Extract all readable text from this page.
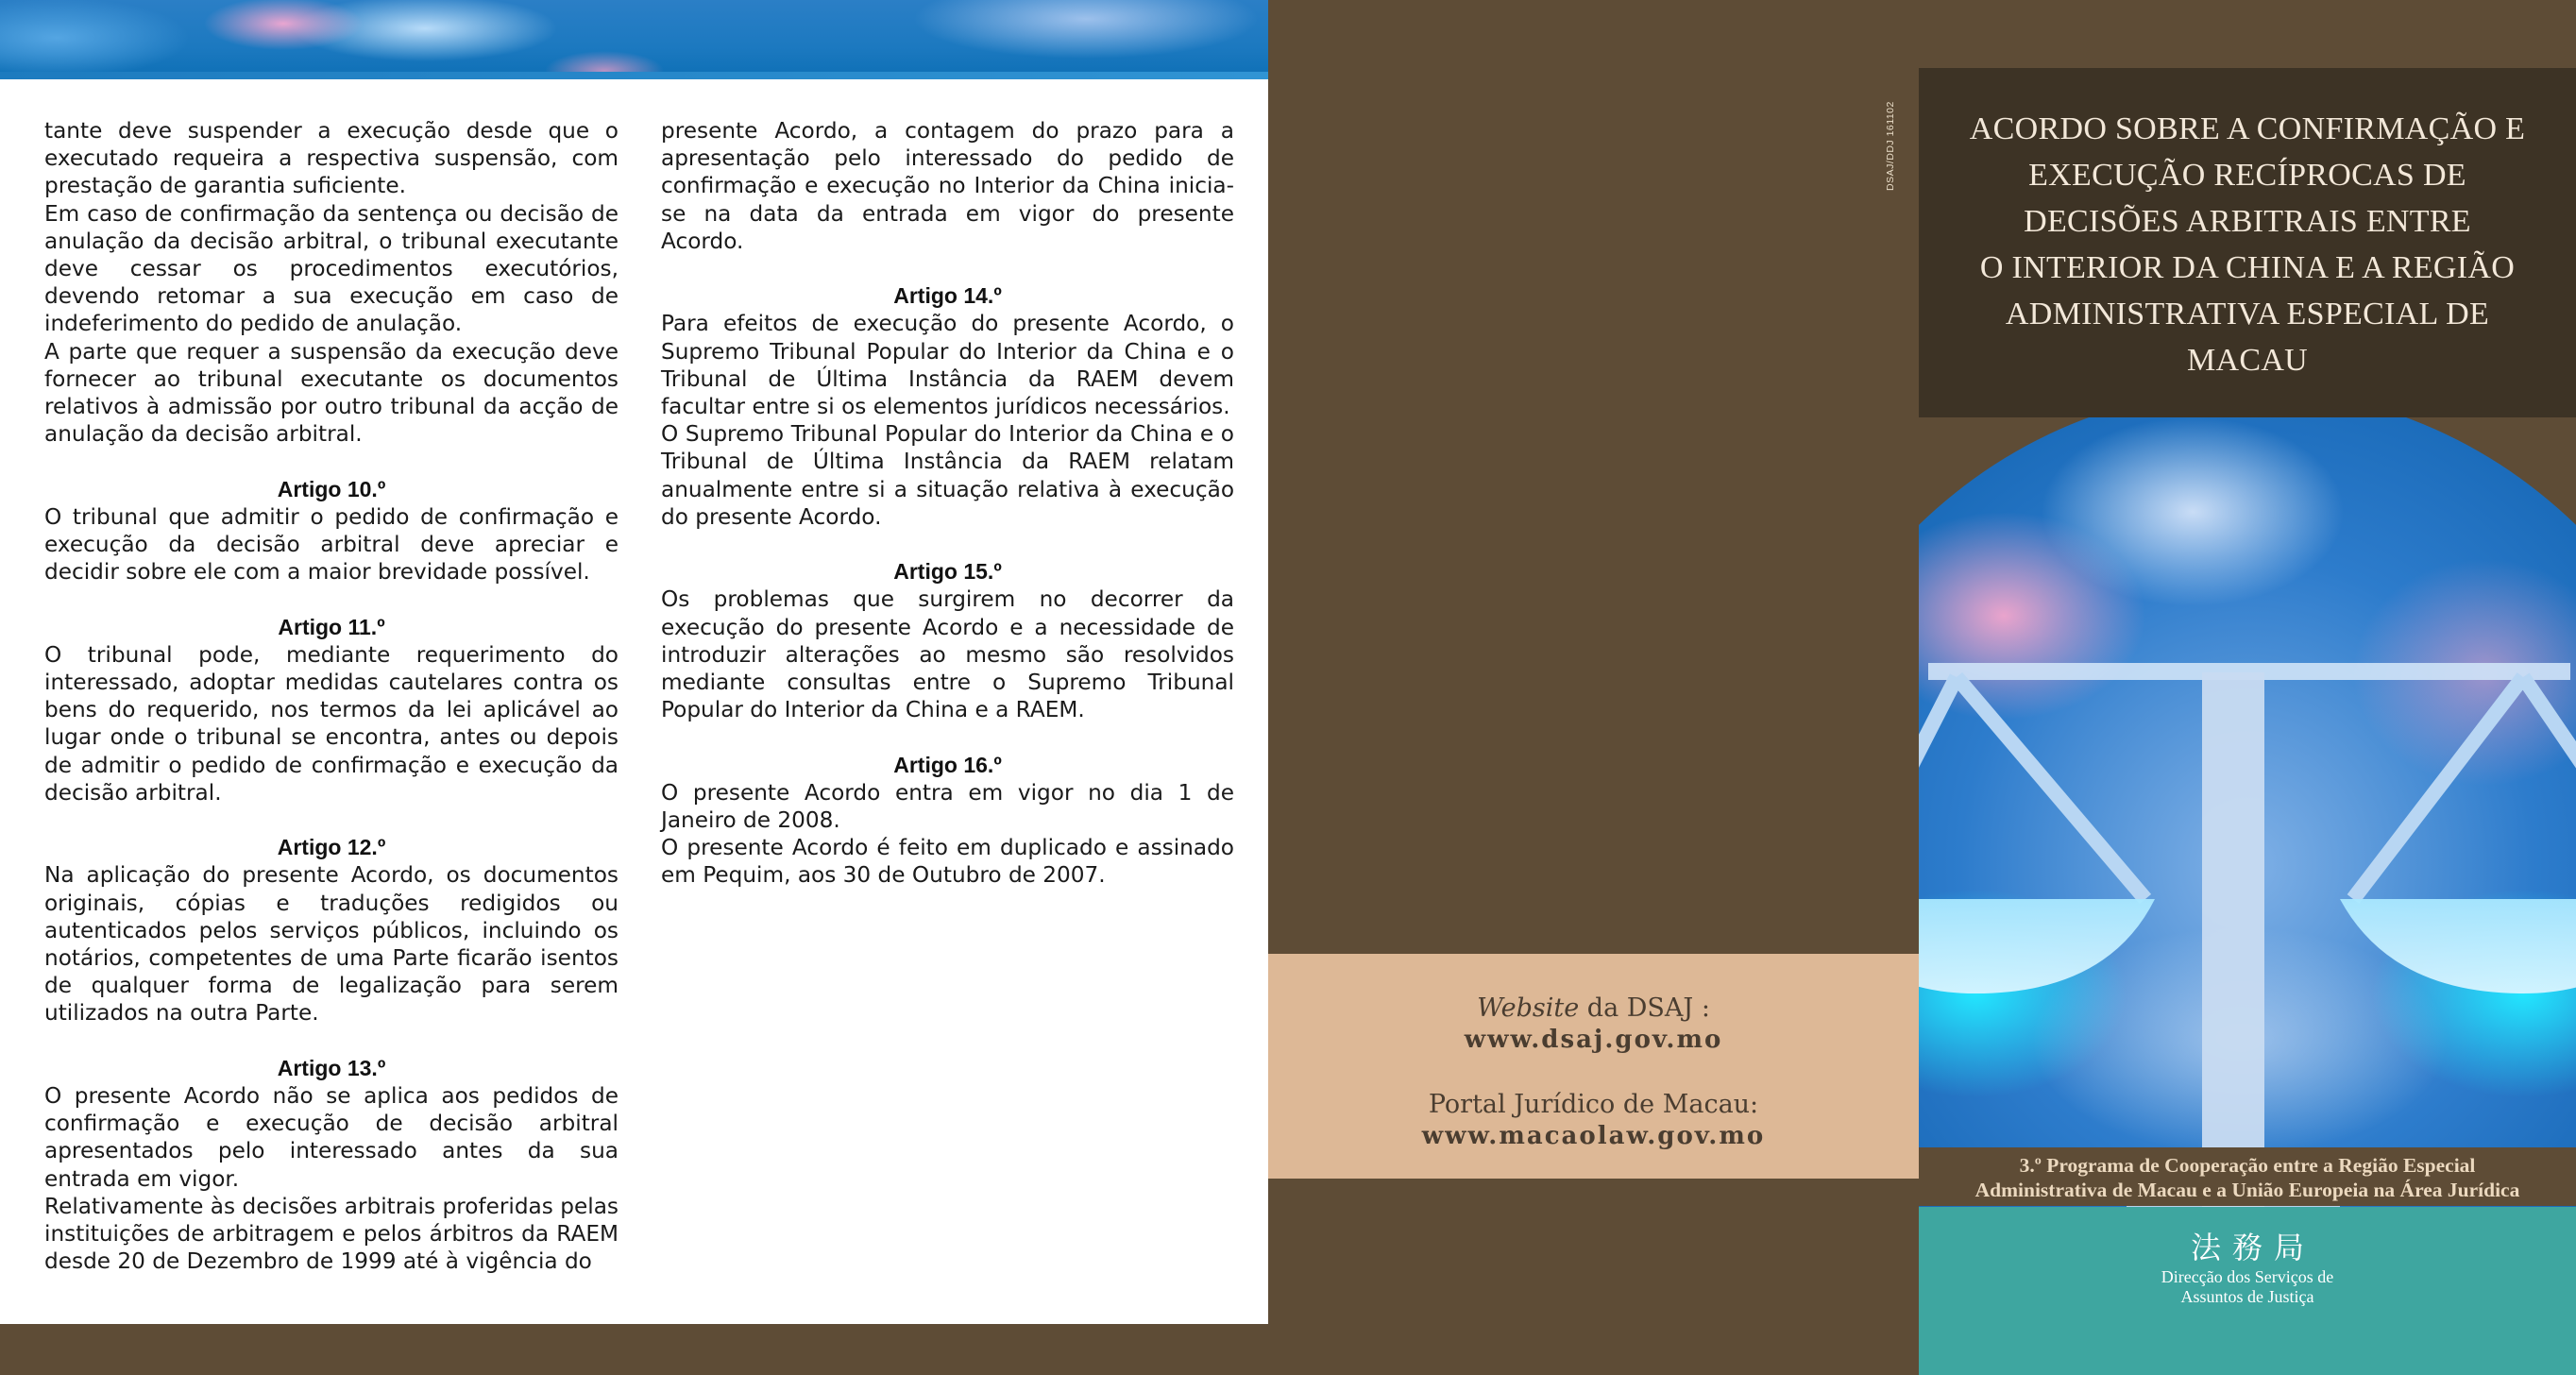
tante deve suspender a execução desde que o executado requeira a respectiva suspensão, com prestação de garantia suficiente.

Em caso de confirmação da sentença ou decisão de anulação da decisão arbitral, o tribunal executante deve cessar os procedimentos executórios, devendo retomar a sua execução em caso de indeferimento do pedido de anulação.

A parte que requer a suspensão da execução deve fornecer ao tribunal executante os documentos relativos à admissão por outro tribunal da acção de anulação da decisão arbitral.

Artigo 10.º

O tribunal que admitir o pedido de confirmação e execução da decisão arbitral deve apreciar e decidir sobre ele com a maior brevidade possível.

Artigo 11.º

O tribunal pode, mediante requerimento do interessado, adoptar medidas cautelares contra os bens do requerido, nos termos da lei aplicável ao lugar onde o tribunal se encontra, antes ou depois de admitir o pedido de confirmação e execução da decisão arbitral.

Artigo 12.º

Na aplicação do presente Acordo, os documentos originais, cópias e traduções redigidos ou autenticados pelos serviços públicos, incluindo os notários, competentes de uma Parte ficarão isentos de qualquer forma de legalização para serem utilizados na outra Parte.

Artigo 13.º

O presente Acordo não se aplica aos pedidos de confirmação e execução de decisão arbitral apresentados pelo interessado antes da sua entrada em vigor.

Relativamente às decisões arbitrais proferidas pelas instituições de arbitragem e pelos árbitros da RAEM desde 20 de Dezembro de 1999 até à vigência do

presente Acordo, a contagem do prazo para a apresentação pelo interessado do pedido de confirmação e execução no Interior da China inicia-se na data da entrada em vigor do presente Acordo.

Artigo 14.º

Para efeitos de execução do presente Acordo, o Supremo Tribunal Popular do Interior da China e o Tribunal de Última Instância da RAEM devem facultar entre si os elementos jurídicos necessários.

O Supremo Tribunal Popular do Interior da China e o Tribunal de Última Instância da RAEM relatam anualmente entre si a situação relativa à execução do presente Acordo.

Artigo 15.º

Os problemas que surgirem no decorrer da execução do presente Acordo e a necessidade de introduzir alterações ao mesmo são resolvidos mediante consultas entre o Supremo Tribunal Popular do Interior da China e a RAEM.

Artigo 16.º

O presente Acordo entra em vigor no dia 1 de Janeiro de 2008.

O presente Acordo é feito em duplicado e assinado em Pequim, aos 30 de Outubro de 2007.

Website da DSAJ :
www.dsaj.gov.mo
Portal Jurídico de Macau:
www.macaolaw.gov.mo
DSAJ/DDJ 161102	ACORDO SOBRE A CONFIRMAÇÃO E
EXECUÇÃO RECÍPROCAS DE
DECISÕES ARBITRAIS ENTRE
O INTERIOR DA CHINA E A REGIÃO
ADMINISTRATIVA ESPECIAL DE
MACAU
3.º Programa de Cooperação entre a Região Especial
Administrativa de Macau e a União Europeia na Área Jurídica
法務局
Direcção dos Serviços de
Assuntos de Justiça
